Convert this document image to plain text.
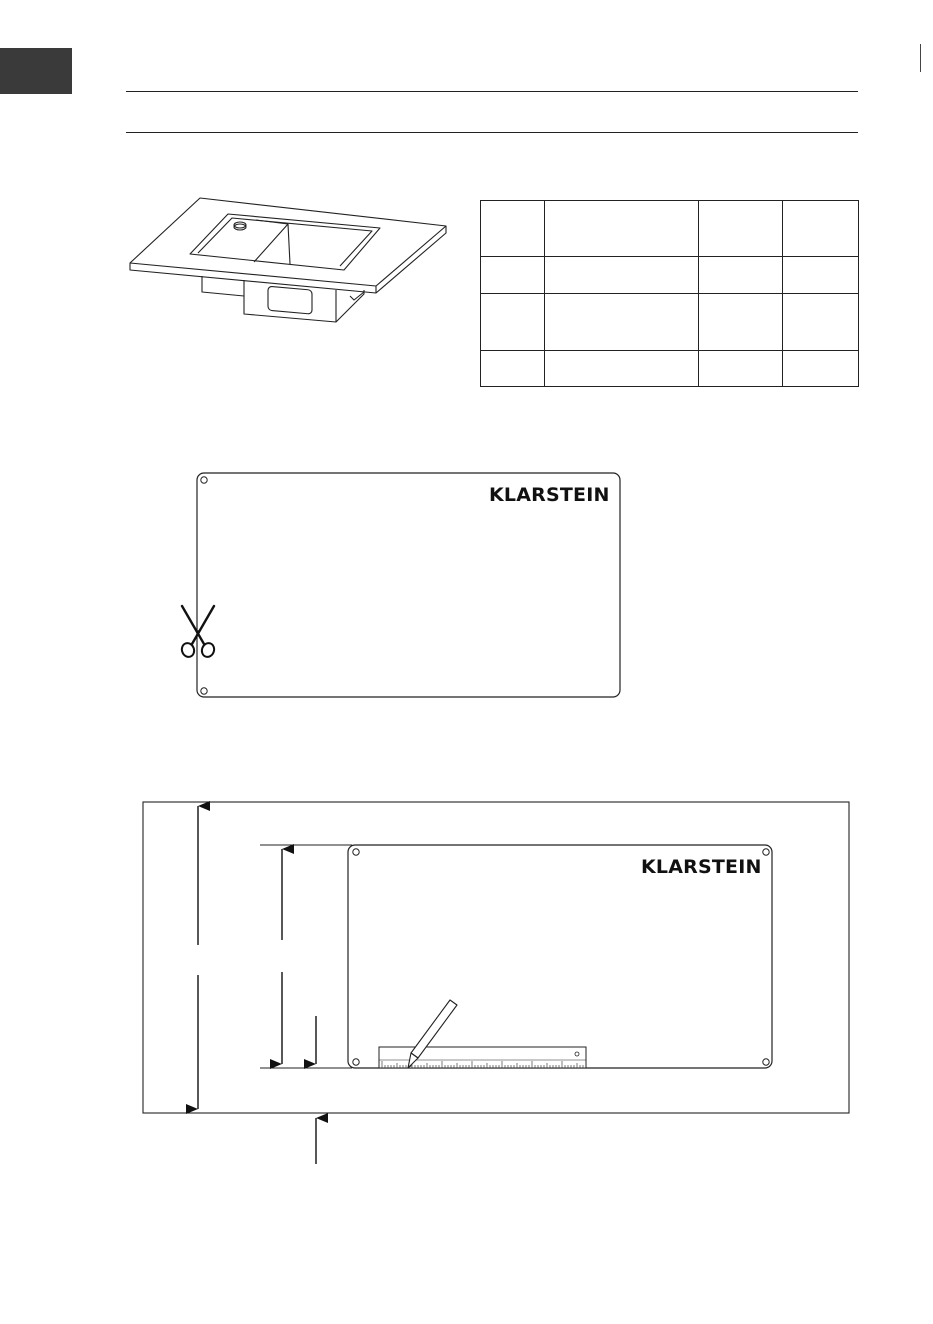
KLARSTEIN
KLARSTEIN
